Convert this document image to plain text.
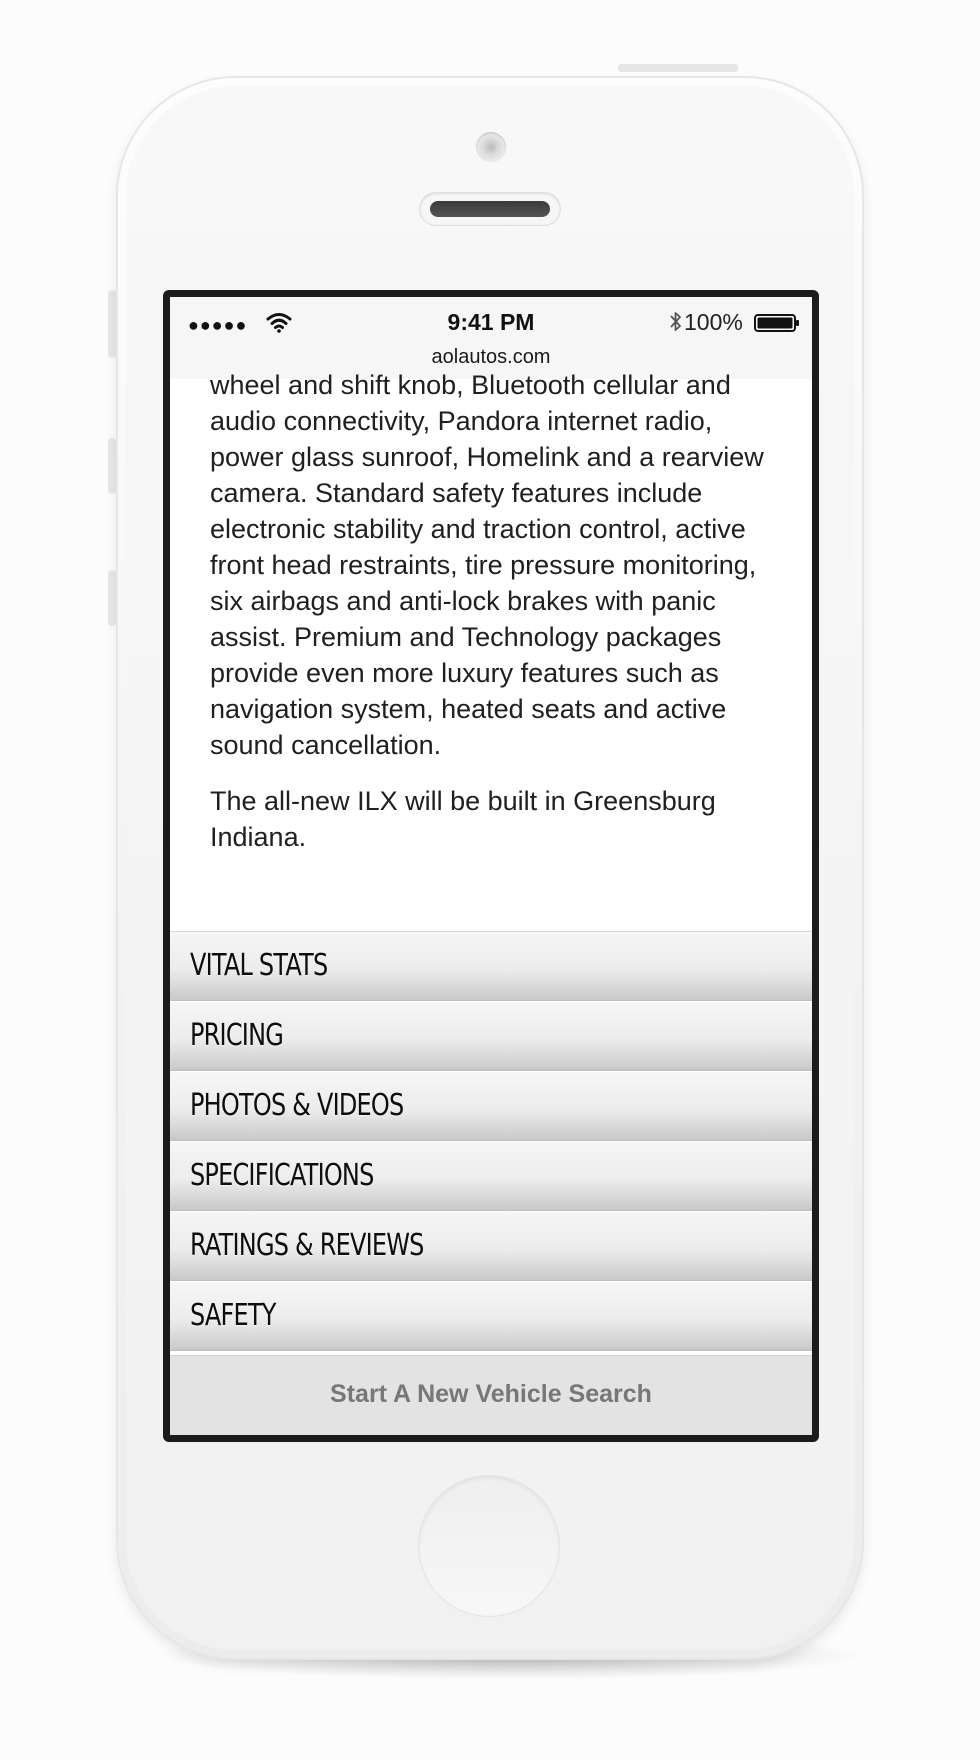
●●●●●	9:41 PM	100%
aolautos.com

wheel and shift knob, Bluetooth cellular and audio connectivity, Pandora internet radio, power glass sunroof, Homelink and a rearview camera. Standard safety features include electronic stability and traction control, active front head restraints, tire pressure monitoring, six airbags and anti-lock brakes with panic assist. Premium and Technology packages provide even more luxury features such as navigation system, heated seats and active sound cancellation.

The all-new ILX will be built in Greensburg Indiana.

VITAL STATS
PRICING
PHOTOS & VIDEOS
SPECIFICATIONS
RATINGS & REVIEWS
SAFETY
Start A New Vehicle Search
